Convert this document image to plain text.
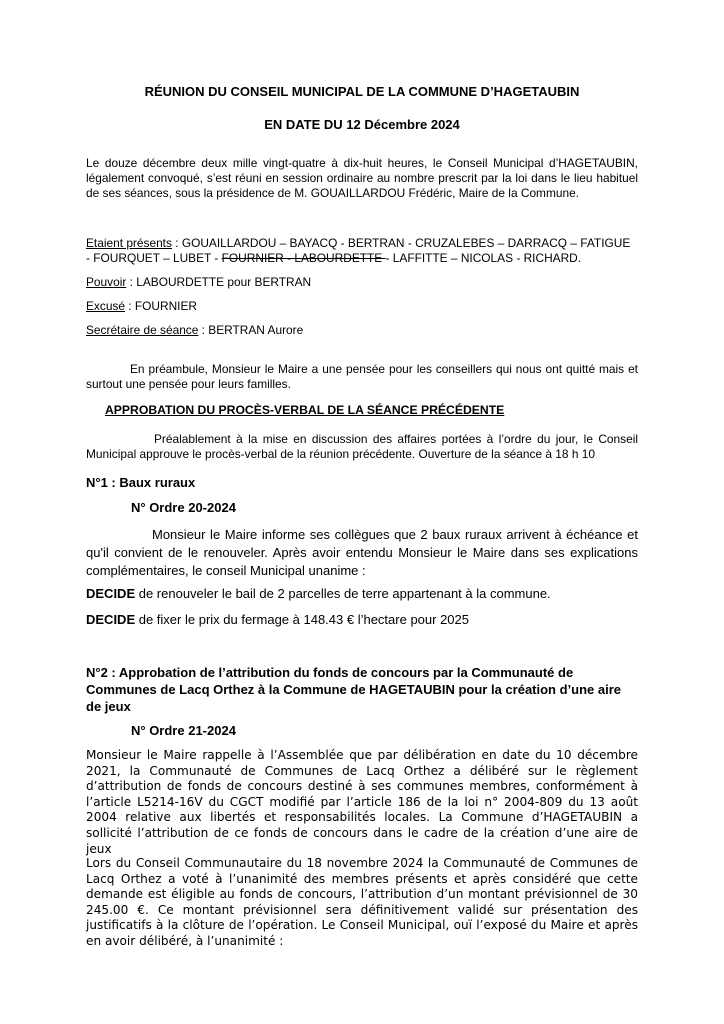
RÉUNION DU CONSEIL MUNICIPAL DE LA COMMUNE D’HAGETAUBIN
EN DATE DU 12 Décembre 2024

Le douze décembre deux mille vingt-quatre à dix-huit heures, le Conseil Municipal d’HAGETAUBIN, légalement convoqué, s’est réuni en session ordinaire au nombre prescrit par la loi dans le lieu habituel de ses séances, sous la présidence de M. GOUAILLARDOU Frédéric, Maire de la Commune.

Etaient présents : GOUAILLARDOU – BAYACQ - BERTRAN - CRUZALEBES – DARRACQ – FATIGUE
- FOURQUET – LUBET - FOURNIER - LABOURDETTE - LAFFITTE – NICOLAS - RICHARD.
Pouvoir : LABOURDETTE pour BERTRAN
Excusé : FOURNIER
Secrétaire de séance : BERTRAN Aurore

En préambule, Monsieur le Maire a une pensée pour les conseillers qui nous ont quitté mais et surtout une pensée pour leurs familles.

APPROBATION DU PROCÈS-VERBAL DE LA SÉANCE PRÉCÉDENTE

Préalablement à la mise en discussion des affaires portées à l’ordre du jour, le Conseil Municipal approuve le procès-verbal de la réunion précédente. Ouverture de la séance à 18 h 10

N°1 : Baux ruraux
N° Ordre 20-2024

Monsieur le Maire informe ses collègues que 2 baux ruraux arrivent à échéance et qu'il convient de le renouveler. Après avoir entendu Monsieur le Maire dans ses explications complémentaires, le conseil Municipal unanime :

DECIDE de renouveler le bail de 2 parcelles de terre appartenant à la commune.
DECIDE de fixer le prix du fermage à 148.43 € l’hectare pour 2025

N°2 : Approbation de l’attribution du fonds de concours par la Communauté de Communes de Lacq Orthez à la Commune de HAGETAUBIN pour la création d’une aire de jeux

N° Ordre 21-2024

Monsieur le Maire rappelle à l’Assemblée que par délibération en date du 10 décembre 2021, la Communauté de Communes de Lacq Orthez a délibéré sur le règlement d’attribution de fonds de concours destiné à ses communes membres, conformément à l’article L5214-16V du CGCT modifié par l’article 186 de la loi n° 2004-809 du 13 août 2004 relative aux libertés et responsabilités locales. La Commune d’HAGETAUBIN a sollicité l’attribution de ce fonds de concours dans le cadre de la création d’une aire de jeux

Lors du Conseil Communautaire du 18 novembre 2024 la Communauté de Communes de Lacq Orthez a voté à l’unanimité des membres présents et après considéré que cette demande est éligible au fonds de concours, l’attribution d’un montant prévisionnel de 30 245.00 €. Ce montant prévisionnel sera définitivement validé sur présentation des justificatifs à la clôture de l’opération. Le Conseil Municipal, ouï l’exposé du Maire et après en avoir délibéré, à l’unanimité :
